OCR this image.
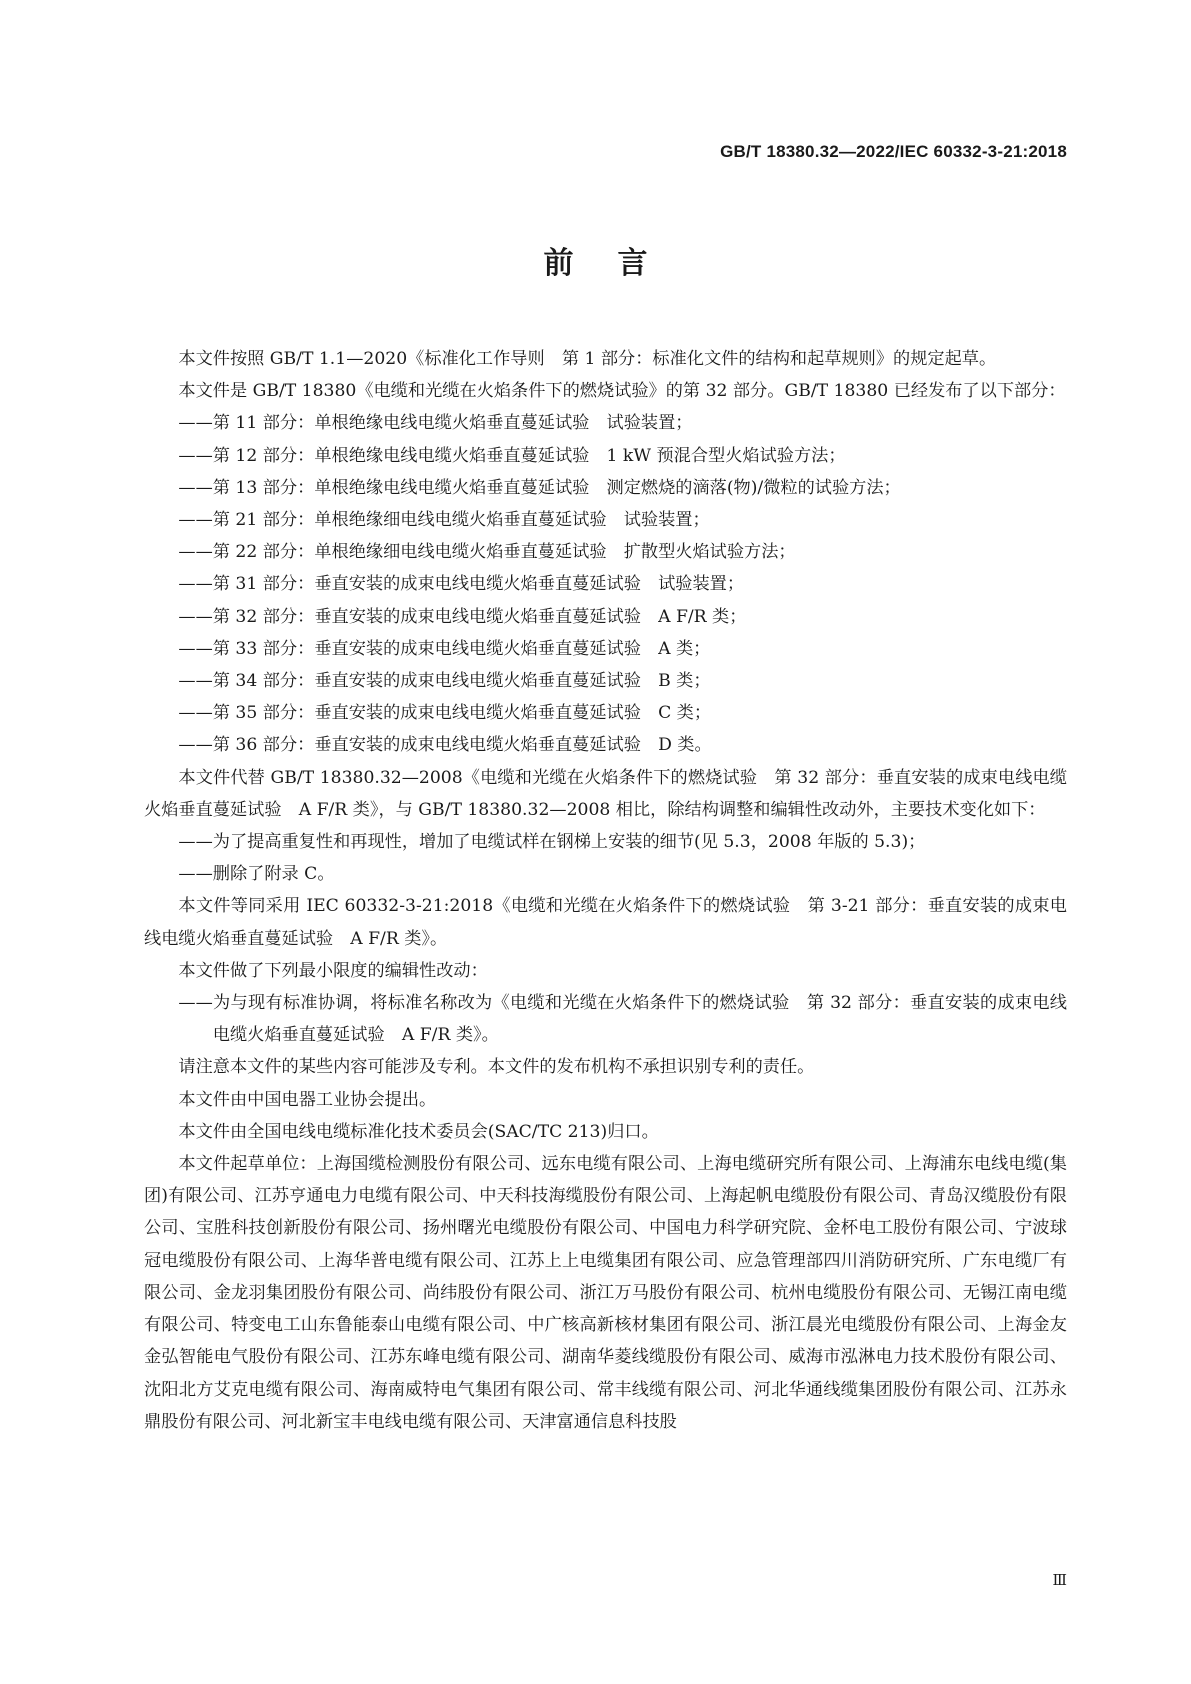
GB/T 18380.32—2022/IEC 60332-3-21:2018
前言

本文件按照 GB/T 1.1—2020《标准化工作导则　第 1 部分：标准化文件的结构和起草规则》的规定起草。

本文件是 GB/T 18380《电缆和光缆在火焰条件下的燃烧试验》的第 32 部分。GB/T 18380 已经发布了以下部分：

——第 11 部分：单根绝缘电线电缆火焰垂直蔓延试验　试验装置；

——第 12 部分：单根绝缘电线电缆火焰垂直蔓延试验　1 kW 预混合型火焰试验方法；

——第 13 部分：单根绝缘电线电缆火焰垂直蔓延试验　测定燃烧的滴落(物)/微粒的试验方法；

——第 21 部分：单根绝缘细电线电缆火焰垂直蔓延试验　试验装置；

——第 22 部分：单根绝缘细电线电缆火焰垂直蔓延试验　扩散型火焰试验方法；

——第 31 部分：垂直安装的成束电线电缆火焰垂直蔓延试验　试验装置；

——第 32 部分：垂直安装的成束电线电缆火焰垂直蔓延试验　A F/R 类；

——第 33 部分：垂直安装的成束电线电缆火焰垂直蔓延试验　A 类；

——第 34 部分：垂直安装的成束电线电缆火焰垂直蔓延试验　B 类；

——第 35 部分：垂直安装的成束电线电缆火焰垂直蔓延试验　C 类；

——第 36 部分：垂直安装的成束电线电缆火焰垂直蔓延试验　D 类。

本文件代替 GB/T 18380.32—2008《电缆和光缆在火焰条件下的燃烧试验　第 32 部分：垂直安装的成束电线电缆火焰垂直蔓延试验　A F/R 类》，与 GB/T 18380.32—2008 相比，除结构调整和编辑性改动外，主要技术变化如下：

——为了提高重复性和再现性，增加了电缆试样在钢梯上安装的细节(见 5.3，2008 年版的 5.3)；

——删除了附录 C。

本文件等同采用 IEC 60332-3-21:2018《电缆和光缆在火焰条件下的燃烧试验　第 3-21 部分：垂直安装的成束电线电缆火焰垂直蔓延试验　A F/R 类》。

本文件做了下列最小限度的编辑性改动：

——为与现有标准协调，将标准名称改为《电缆和光缆在火焰条件下的燃烧试验　第 32 部分：垂直安装的成束电线电缆火焰垂直蔓延试验　A F/R 类》。

请注意本文件的某些内容可能涉及专利。本文件的发布机构不承担识别专利的责任。

本文件由中国电器工业协会提出。

本文件由全国电线电缆标准化技术委员会(SAC/TC 213)归口。

本文件起草单位：上海国缆检测股份有限公司、远东电缆有限公司、上海电缆研究所有限公司、上海浦东电线电缆(集团)有限公司、江苏亨通电力电缆有限公司、中天科技海缆股份有限公司、上海起帆电缆股份有限公司、青岛汉缆股份有限公司、宝胜科技创新股份有限公司、扬州曙光电缆股份有限公司、中国电力科学研究院、金杯电工股份有限公司、宁波球冠电缆股份有限公司、上海华普电缆有限公司、江苏上上电缆集团有限公司、应急管理部四川消防研究所、广东电缆厂有限公司、金龙羽集团股份有限公司、尚纬股份有限公司、浙江万马股份有限公司、杭州电缆股份有限公司、无锡江南电缆有限公司、特变电工山东鲁能泰山电缆有限公司、中广核高新核材集团有限公司、浙江晨光电缆股份有限公司、上海金友金弘智能电气股份有限公司、江苏东峰电缆有限公司、湖南华菱线缆股份有限公司、威海市泓淋电力技术股份有限公司、沈阳北方艾克电缆有限公司、海南威特电气集团有限公司、常丰线缆有限公司、河北华通线缆集团股份有限公司、江苏永鼎股份有限公司、河北新宝丰电线电缆有限公司、天津富通信息科技股

Ⅲ
